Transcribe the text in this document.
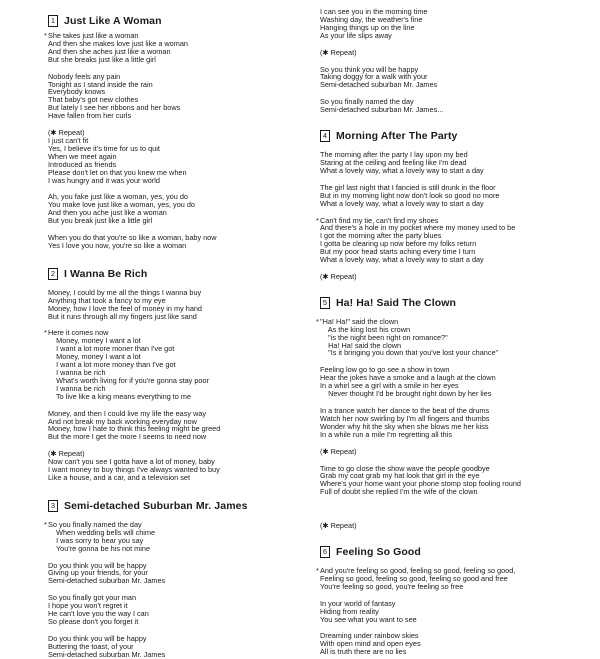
1 Just Like A Woman
* She takes just like a woman
And then she makes love just like a woman
And then she aches just like a woman
But she breaks just like a little girl
Nobody feels any pain
Tonight as I stand inside the rain
Everybody knows
That baby's got new clothes
But lately I see her ribbons and her bows
Have fallen from her curls
(✱ Repeat)
I just can't fit
Yes, I believe it's time for us to quit
When we meet again
Introduced as friends
Please don't let on that you knew me when
I was hungry and it was your world
Ah, you fake just like a woman, yes, you do
You make love just like a woman, yes, you do
And then you ache just like a woman
But you break just like a little girl
When you do that you're so like a woman, baby now
Yes I love you now, you're so like a woman
2 I Wanna Be Rich
Money, I could by me all the things I wanna buy
Anything that took a fancy to my eye
Money, how I love the feel of money in my hand
But it runs through all my fingers just like sand
* Here it comes now
Money, money I want a lot
I want a lot more moner than I've got
Money, money I want a lot
I want a lot more money than I've got
I wanna be rich
What's worth living for if you're gonna stay poor
I wanna be rich
To live like a king means everything to me
Money, and then I could live my life the easy way
And not break my back working everyday now
Money, how I hate to think this feeling might be greed
But the more I get the more I seems to need now
(✱ Repeat)
Now can't you see I gotta have a lot of money, baby
I want money to buy things I've always wanted to buy
Like a house, and a car, and a television set
3 Semi-detached Suburban Mr. James
* So you finally named the day
When wedding bells will chime
I was sorry to hear you say
You're gonna be his not mine
Do you think you will be happy
Giving up your friends, for your
Semi-detached suburban Mr. James
So you finally got your man
I hope you won't regret it
He can't love you the way I can
So please don't you forget it
Do you think you will be happy
Buttering the toast, of your
Semi-detached suburban Mr. James
I can see you in the morning time
Washing day, the weather's fine
Hanging things up on the line
As your life slips away
(✱ Repeat)
So you think you will be happy
Taking doggy for a walk with your
Semi-detached suburban Mr. James
So you finally named the day
Semi-detached suburban Mr. James...
4 Morning After The Party
The morning after the party I lay upon my bed
Staring at the ceiling and feeling like I'm dead
What a lovely way, what a lovely way to start a day
The girl last night that I fancied is still drunk in the floor
But in my morning light now don't look so good no more
What a lovely way, what a lovely way to start a day
* Can't find my tie, can't find my shoes
And there's a hole in my pocket where my money used to be
I got the morning after the party blues
I gotta be clearing up now before my folks return
But my poor head starts aching every time I turn
What a lovely way, what a lovely way to start a day
(✱ Repeat)
5 Ha! Ha! Said The Clown
* "Ha! Ha!" said the clown
As the king lost his crown
"is the night been right on romance?"
Ha! Ha! said the clown
"Is it bringing you down that you've lost your chance"
Feeling low go to go see a show in town
Hear the jokes have a smoke and a laugh at the clown
In a whirl see a girl with a smile in her eyes
Never thought I'd be brought right down by her lies
In a trance watch her dance to the beat of the drums
Watch her now swirling by I'm all fingers and thumbs
Wonder why hit the sky when she blows me her kiss
In a while run a mile I'm regretting all this
(✱ Repeat)
Time to go close the show wave the people goodbye
Grab my coat grab my hat look that girl in the eye
Where's your home want your phone stomp stop fooling round
Full of doubt she replied I'm the wife of the clown

(✱ Repeat)
6 Feeling So Good
* And you're feeling so good, feeling so good, feeling so good,
Feeling so good, feeling so good, feeling so good and free
You're feeling so good, you're feeling so free
In your world of fantasy
Hiding from reality
You see what you want to see
Dreaming under rainbow skies
With open mind and open eyes
All is truth there are no lies
